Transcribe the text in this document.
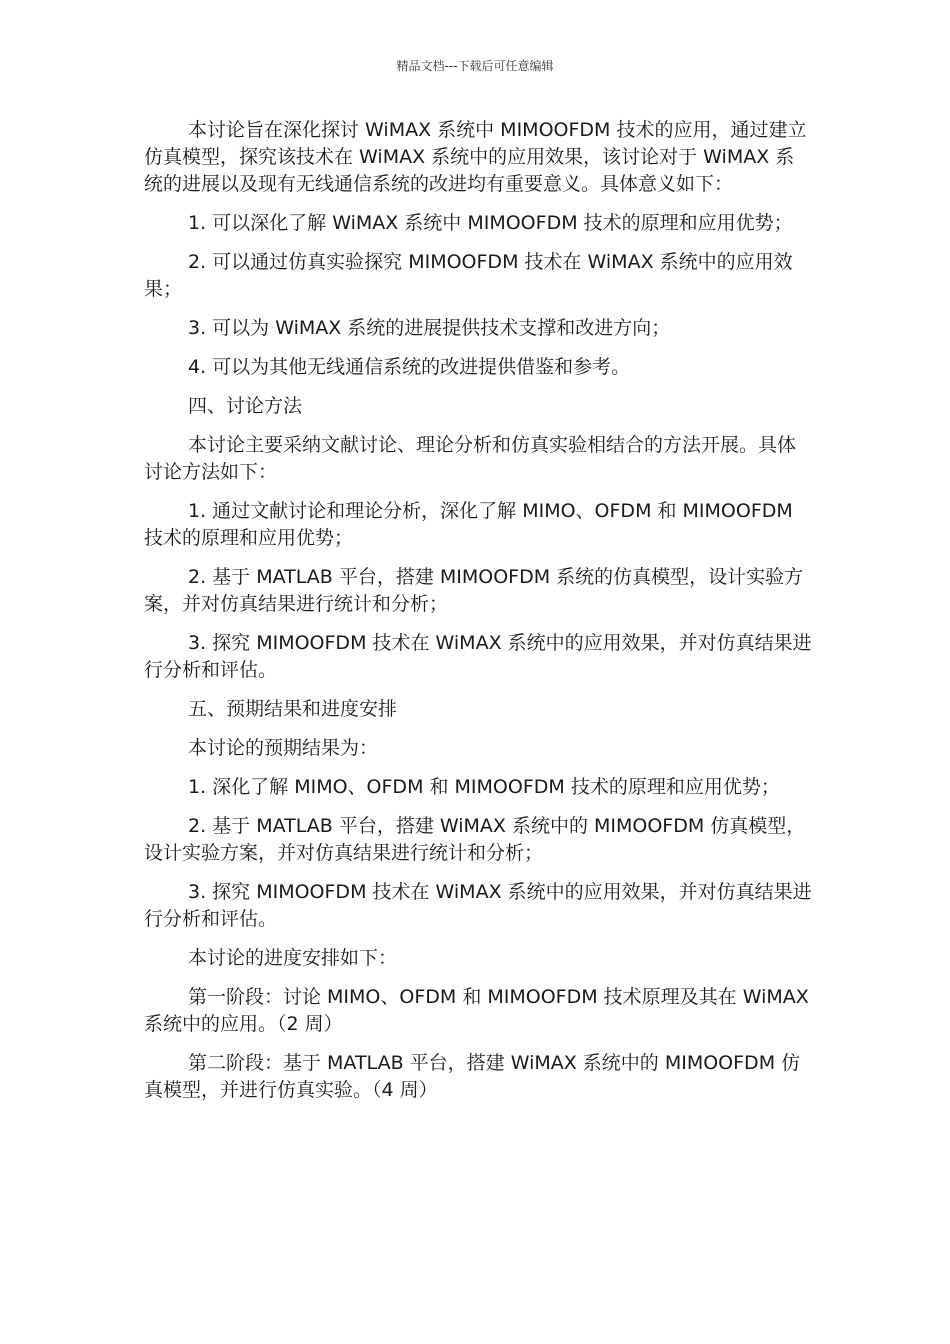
精品文档---下载后可任意编辑

本讨论旨在深化探讨 WiMAX 系统中 MIMOOFDM 技术的应用，通过建立仿真模型，探究该技术在 WiMAX 系统中的应用效果，该讨论对于 WiMAX 系统的进展以及现有无线通信系统的改进均有重要意义。具体意义如下：

1. 可以深化了解 WiMAX 系统中 MIMOOFDM 技术的原理和应用优势；

2. 可以通过仿真实验探究 MIMOOFDM 技术在 WiMAX 系统中的应用效果；

3. 可以为 WiMAX 系统的进展提供技术支撑和改进方向；

4. 可以为其他无线通信系统的改进提供借鉴和参考。

四、讨论方法

本讨论主要采纳文献讨论、理论分析和仿真实验相结合的方法开展。具体讨论方法如下：

1. 通过文献讨论和理论分析，深化了解 MIMO、OFDM 和 MIMOOFDM 技术的原理和应用优势；

2. 基于 MATLAB 平台，搭建 MIMOOFDM 系统的仿真模型，设计实验方案，并对仿真结果进行统计和分析；

3. 探究 MIMOOFDM 技术在 WiMAX 系统中的应用效果，并对仿真结果进行分析和评估。

五、预期结果和进度安排

本讨论的预期结果为：

1. 深化了解 MIMO、OFDM 和 MIMOOFDM 技术的原理和应用优势；

2. 基于 MATLAB 平台，搭建 WiMAX 系统中的 MIMOOFDM 仿真模型，设计实验方案，并对仿真结果进行统计和分析；

3. 探究 MIMOOFDM 技术在 WiMAX 系统中的应用效果，并对仿真结果进行分析和评估。

本讨论的进度安排如下：

第一阶段：讨论 MIMO、OFDM 和 MIMOOFDM 技术原理及其在 WiMAX 系统中的应用。（2 周）

第二阶段：基于 MATLAB 平台，搭建 WiMAX 系统中的 MIMOOFDM 仿真模型，并进行仿真实验。（4 周）
